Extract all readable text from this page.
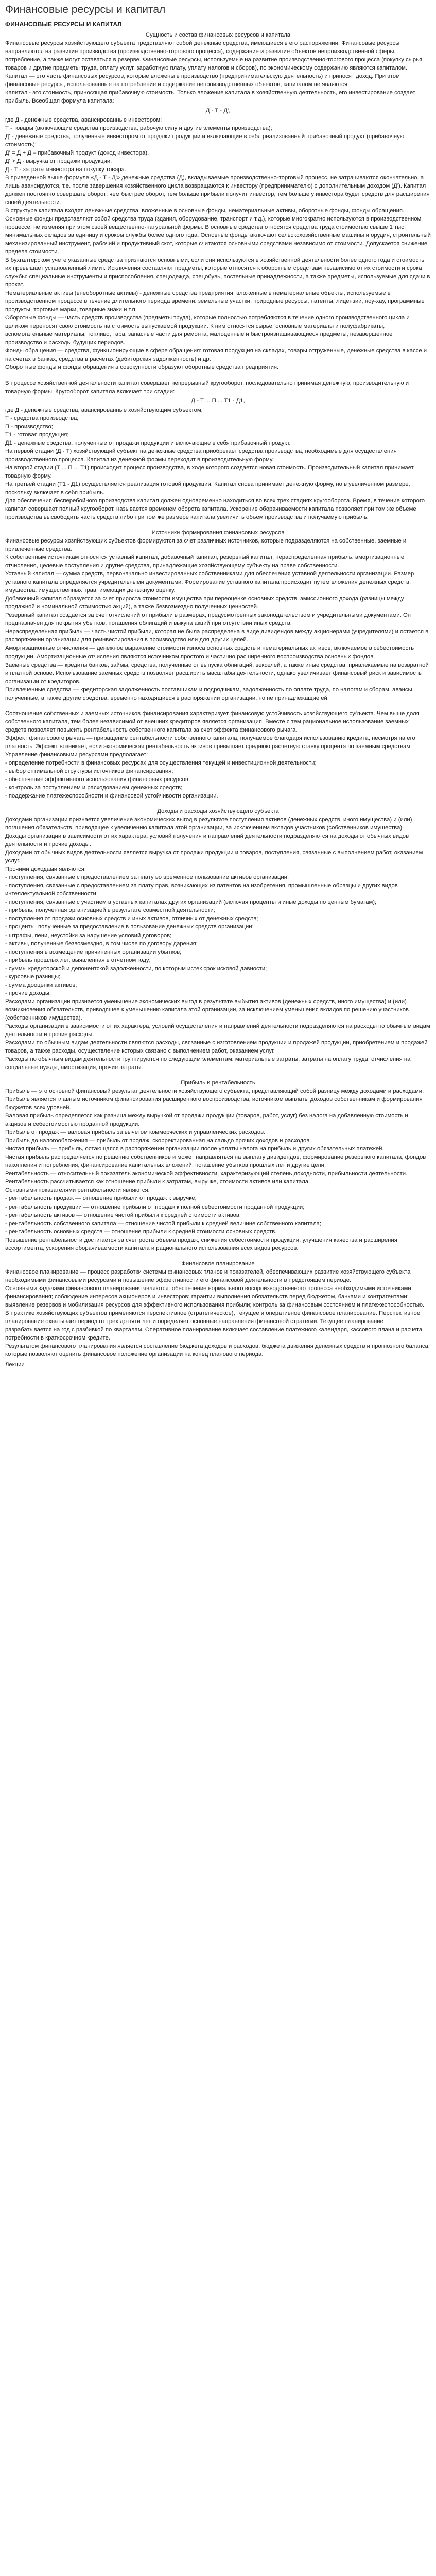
Финансовые ресурсы и капитал

ФИНАНСОВЫЕ РЕСУРСЫ И КАПИТАЛ

Сущность и состав финансовых ресурсов и капитала

Финансовые ресурсы хозяйствующего субъекта представляют собой денежные средства, имеющиеся в его распоряжении. Финансовые ресурсы направляются на развитие производства (производственно-торгового процесса), содержание и развитие объектов непроизводственной сферы, потребление, а также могут оставаться в резерве. Финансовые ресурсы, используемые на развитие производственно-торгового процесса (покупку сырья, товаров и другие предметы труда, оплату услуг, заработную плату, уплату налогов и сборов), по экономическому содержанию являются капиталом. Капитал — это часть финансовых ресурсов, которые вложены в производство (предпринимательскую деятельность) и приносят доход. При этом финансовые ресурсы, использованные на потребление и содержание непроизводственных объектов, капиталом не являются.

Капитал - это стоимость, приносящая прибавочную стоимость. Только вложение капитала в хозяйственную деятельность, его инвестирование создает прибыль. Всеобщая формула капитала:

Д - Т - Д',

где Д - денежные средства, авансированные инвестором;

Т - товары (включающие средства производства, рабочую силу и другие элементы производства);

Д' - денежные средства, полученные инвестором от продажи продукции и включающие в себя реализованный прибавочный продукт (прибавочную стоимость);

Д' = Д + Д – прибавочный продукт (доход инвестора).

Д' > Д - выручка от продажи продукции.

Д - Т - затраты инвестора на покупку товара.

В приведенной выше формуле «Д - Т - Д'» денежные средства (Д), вкладываемые производственно-торговый процесс, не затрачиваются окончательно, а лишь авансируются, т.е. после завершения хозяйственного цикла возвращаются к инвестору (предпринимателю) с дополнительным доходом (Д'). Капитал должен постоянно совершать оборот: чем быстрее оборот, тем больше прибыли получит инвестор, тем больше у инвестора будет средств для расширения своей деятельности.

В структуре капитала входят денежные средства, вложенные в основные фонды, нематериальные активы, оборотные фонды, фонды обращения.

Основные фонды представляют собой средства труда (здания, оборудование, транспорт и т.д.), которые многократно используются в производственном процессе, не изменяя при этом своей вещественно-натуральной формы. В основные средства относятся средства труда стоимостью свыше 1 тыс. минимальных окладов за единицу и сроком службы более одного года. Основные фонды включают сельскохозяйственные машины и орудия, строительный механизированный инструмент, рабочий и продуктивный скот, которые считаются основными средствами независимо от стоимости. Допускается снижение предела стоимости.

В бухгалтерском учете указанные средства признаются основными, если они используются в хозяйственной деятельности более одного года и стоимость их превышает установленный лимит. Исключения составляют предметы, которые относятся к оборотным средствам независимо от их стоимости и срока службы: специальные инструменты и приспособления, спецодежда, спецобувь, постельные принадлежности, а также предметы, используемые для сдачи в прокат.

Нематериальные активы (внеоборотные активы) - денежные средства предприятия, вложенные в нематериальные объекты, используемые в производственном процессе в течение длительного периода времени: земельные участки, природные ресурсы, патенты, лицензии, ноу-хау, программные продукты, торговые марки, товарные знаки и т.п.

Оборотные фонды — часть средств производства (предметы труда), которые полностью потребляются в течение одного производственного цикла и целиком переносят свою стоимость на стоимость выпускаемой продукции. К ним относятся сырье, основные материалы и полуфабрикаты, вспомогательные материалы, топливо, тара, запасные части для ремонта, малоценные и быстроизнашивающиеся предметы, незавершенное производство и расходы будущих периодов.

Фонды обращения — средства, функционирующие в сфере обращения: готовая продукция на складах, товары отгруженные, денежные средства в кассе и на счетах в банках, средства в расчетах (дебиторская задолженность) и др.

Оборотные фонды и фонды обращения в совокупности образуют оборотные средства предприятия.

В процессе хозяйственной деятельности капитал совершает непрерывный кругооборот, последовательно принимая денежную, производительную и товарную формы. Кругооборот капитала включает три стадии:

Д - Т ... П ... Т1 - Д1,

где Д - денежные средства, авансированные хозяйствующим субъектом;

Т - средства производства;

П - производство;

Т1 - готовая продукция;

Д1 - денежные средства, полученные от продажи продукции и включающие в себя прибавочный продукт.

На первой стадии (Д - Т) хозяйствующий субъект на денежные средства приобретает средства производства, необходимые для осуществления производственного процесса. Капитал из денежной формы переходит в производительную форму.

На второй стадии (Т ... П ... Т1) происходит процесс производства, в ходе которого создается новая стоимость. Производительный капитал принимает товарную форму.

На третьей стадии (Т1 - Д1) осуществляется реализация готовой продукции. Капитал снова принимает денежную форму, но в увеличенном размере, поскольку включает в себя прибыль.

Для обеспечения бесперебойного производства капитал должен одновременно находиться во всех трех стадиях кругооборота. Время, в течение которого капитал совершает полный кругооборот, называется временем оборота капитала. Ускорение оборачиваемости капитала позволяет при том же объеме производства высвободить часть средств либо при том же размере капитала увеличить объем производства и получаемую прибыль.

Источники формирования финансовых ресурсов

Финансовые ресурсы хозяйствующих субъектов формируются за счет различных источников, которые подразделяются на собственные, заемные и привлеченные средства.

К собственным источникам относятся уставный капитал, добавочный капитал, резервный капитал, нераспределенная прибыль, амортизационные отчисления, целевые поступления и другие средства, принадлежащие хозяйствующему субъекту на праве собственности.

Уставный капитал — сумма средств, первоначально инвестированных собственниками для обеспечения уставной деятельности организации. Размер уставного капитала определяется учредительными документами. Формирование уставного капитала происходит путем вложения денежных средств, имущества, имущественных прав, имеющих денежную оценку.

Добавочный капитал образуется за счет прироста стоимости имущества при переоценке основных средств, эмиссионного дохода (разницы между продажной и номинальной стоимостью акций), а также безвозмездно полученных ценностей.

Резервный капитал создается за счет отчислений от прибыли в размерах, предусмотренных законодательством и учредительными документами. Он предназначен для покрытия убытков, погашения облигаций и выкупа акций при отсутствии иных средств.

Нераспределенная прибыль — часть чистой прибыли, которая не была распределена в виде дивидендов между акционерами (учредителями) и остается в распоряжении организации для реинвестирования в производство или для других целей.

Амортизационные отчисления — денежное выражение стоимости износа основных средств и нематериальных активов, включаемое в себестоимость продукции. Амортизационные отчисления являются источником простого и частично расширенного воспроизводства основных фондов.

Заемные средства — кредиты банков, займы, средства, полученные от выпуска облигаций, векселей, а также иные средства, привлекаемые на возвратной и платной основе. Использование заемных средств позволяет расширить масштабы деятельности, однако увеличивает финансовый риск и зависимость организации от кредиторов.

Привлеченные средства — кредиторская задолженность поставщикам и подрядчикам, задолженность по оплате труда, по налогам и сборам, авансы полученные, а также другие средства, временно находящиеся в распоряжении организации, но не принадлежащие ей.

Соотношение собственных и заемных источников финансирования характеризует финансовую устойчивость хозяйствующего субъекта. Чем выше доля собственного капитала, тем более независимой от внешних кредиторов является организация. Вместе с тем рациональное использование заемных средств позволяет повысить рентабельность собственного капитала за счет эффекта финансового рычага.

Эффект финансового рычага — приращение рентабельности собственного капитала, получаемое благодаря использованию кредита, несмотря на его платность. Эффект возникает, если экономическая рентабельность активов превышает среднюю расчетную ставку процента по заемным средствам.

Управление финансовыми ресурсами предполагает:

- определение потребности в финансовых ресурсах для осуществления текущей и инвестиционной деятельности;

- выбор оптимальной структуры источников финансирования;

- обеспечение эффективного использования финансовых ресурсов;

- контроль за поступлением и расходованием денежных средств;

- поддержание платежеспособности и финансовой устойчивости организации.

Доходы и расходы хозяйствующего субъекта

Доходами организации признается увеличение экономических выгод в результате поступления активов (денежных средств, иного имущества) и (или) погашения обязательств, приводящее к увеличению капитала этой организации, за исключением вкладов участников (собственников имущества).

Доходы организации в зависимости от их характера, условий получения и направлений деятельности подразделяются на доходы от обычных видов деятельности и прочие доходы.

Доходами от обычных видов деятельности является выручка от продажи продукции и товаров, поступления, связанные с выполнением работ, оказанием услуг.

Прочими доходами являются:

- поступления, связанные с предоставлением за плату во временное пользование активов организации;

- поступления, связанные с предоставлением за плату прав, возникающих из патентов на изобретения, промышленные образцы и других видов интеллектуальной собственности;

- поступления, связанные с участием в уставных капиталах других организаций (включая проценты и иные доходы по ценным бумагам);

- прибыль, полученная организацией в результате совместной деятельности;

- поступления от продажи основных средств и иных активов, отличных от денежных средств;

- проценты, полученные за предоставление в пользование денежных средств организации;

- штрафы, пени, неустойки за нарушение условий договоров;

- активы, полученные безвозмездно, в том числе по договору дарения;

- поступления в возмещение причиненных организации убытков;

- прибыль прошлых лет, выявленная в отчетном году;

- суммы кредиторской и депонентской задолженности, по которым истек срок исковой давности;

- курсовые разницы;

- сумма дооценки активов;

- прочие доходы.

Расходами организации признается уменьшение экономических выгод в результате выбытия активов (денежных средств, иного имущества) и (или) возникновения обязательств, приводящее к уменьшению капитала этой организации, за исключением уменьшения вкладов по решению участников (собственников имущества).

Расходы организации в зависимости от их характера, условий осуществления и направлений деятельности подразделяются на расходы по обычным видам деятельности и прочие расходы.

Расходами по обычным видам деятельности являются расходы, связанные с изготовлением продукции и продажей продукции, приобретением и продажей товаров, а также расходы, осуществление которых связано с выполнением работ, оказанием услуг.

Расходы по обычным видам деятельности группируются по следующим элементам: материальные затраты, затраты на оплату труда, отчисления на социальные нужды, амортизация, прочие затраты.

Прибыль и рентабельность

Прибыль — это основной финансовый результат деятельности хозяйствующего субъекта, представляющий собой разницу между доходами и расходами. Прибыль является главным источником финансирования расширенного воспроизводства, источником выплаты доходов собственникам и формирования бюджетов всех уровней.

Валовая прибыль определяется как разница между выручкой от продажи продукции (товаров, работ, услуг) без налога на добавленную стоимость и акцизов и себестоимостью проданной продукции.

Прибыль от продаж — валовая прибыль за вычетом коммерческих и управленческих расходов.

Прибыль до налогообложения — прибыль от продаж, скорректированная на сальдо прочих доходов и расходов.

Чистая прибыль — прибыль, остающаяся в распоряжении организации после уплаты налога на прибыль и других обязательных платежей.

Чистая прибыль распределяется по решению собственников и может направляться на выплату дивидендов, формирование резервного капитала, фондов накопления и потребления, финансирование капитальных вложений, погашение убытков прошлых лет и другие цели.

Рентабельность — относительный показатель экономической эффективности, характеризующий степень доходности, прибыльности деятельности. Рентабельность рассчитывается как отношение прибыли к затратам, выручке, стоимости активов или капитала.

Основными показателями рентабельности являются:

- рентабельность продаж — отношение прибыли от продаж к выручке;

- рентабельность продукции — отношение прибыли от продаж к полной себестоимости проданной продукции;

- рентабельность активов — отношение чистой прибыли к средней стоимости активов;

- рентабельность собственного капитала — отношение чистой прибыли к средней величине собственного капитала;

- рентабельность основных средств — отношение прибыли к средней стоимости основных средств.

Повышение рентабельности достигается за счет роста объема продаж, снижения себестоимости продукции, улучшения качества и расширения ассортимента, ускорения оборачиваемости капитала и рационального использования всех видов ресурсов.

Финансовое планирование

Финансовое планирование — процесс разработки системы финансовых планов и показателей, обеспечивающих развитие хозяйствующего субъекта необходимыми финансовыми ресурсами и повышение эффективности его финансовой деятельности в предстоящем периоде.

Основными задачами финансового планирования являются: обеспечение нормального воспроизводственного процесса необходимыми источниками финансирования; соблюдение интересов акционеров и инвесторов; гарантии выполнения обязательств перед бюджетом, банками и контрагентами; выявление резервов и мобилизация ресурсов для эффективного использования прибыли; контроль за финансовым состоянием и платежеспособностью.

В практике хозяйствующих субъектов применяются перспективное (стратегическое), текущее и оперативное финансовое планирование. Перспективное планирование охватывает период от трех до пяти лет и определяет основные направления финансовой стратегии. Текущее планирование разрабатывается на год с разбивкой по кварталам. Оперативное планирование включает составление платежного календаря, кассового плана и расчета потребности в краткосрочном кредите.

Результатом финансового планирования является составление бюджета доходов и расходов, бюджета движения денежных средств и прогнозного баланса, которые позволяют оценить финансовое положение организации на конец планового периода.

Лекции
